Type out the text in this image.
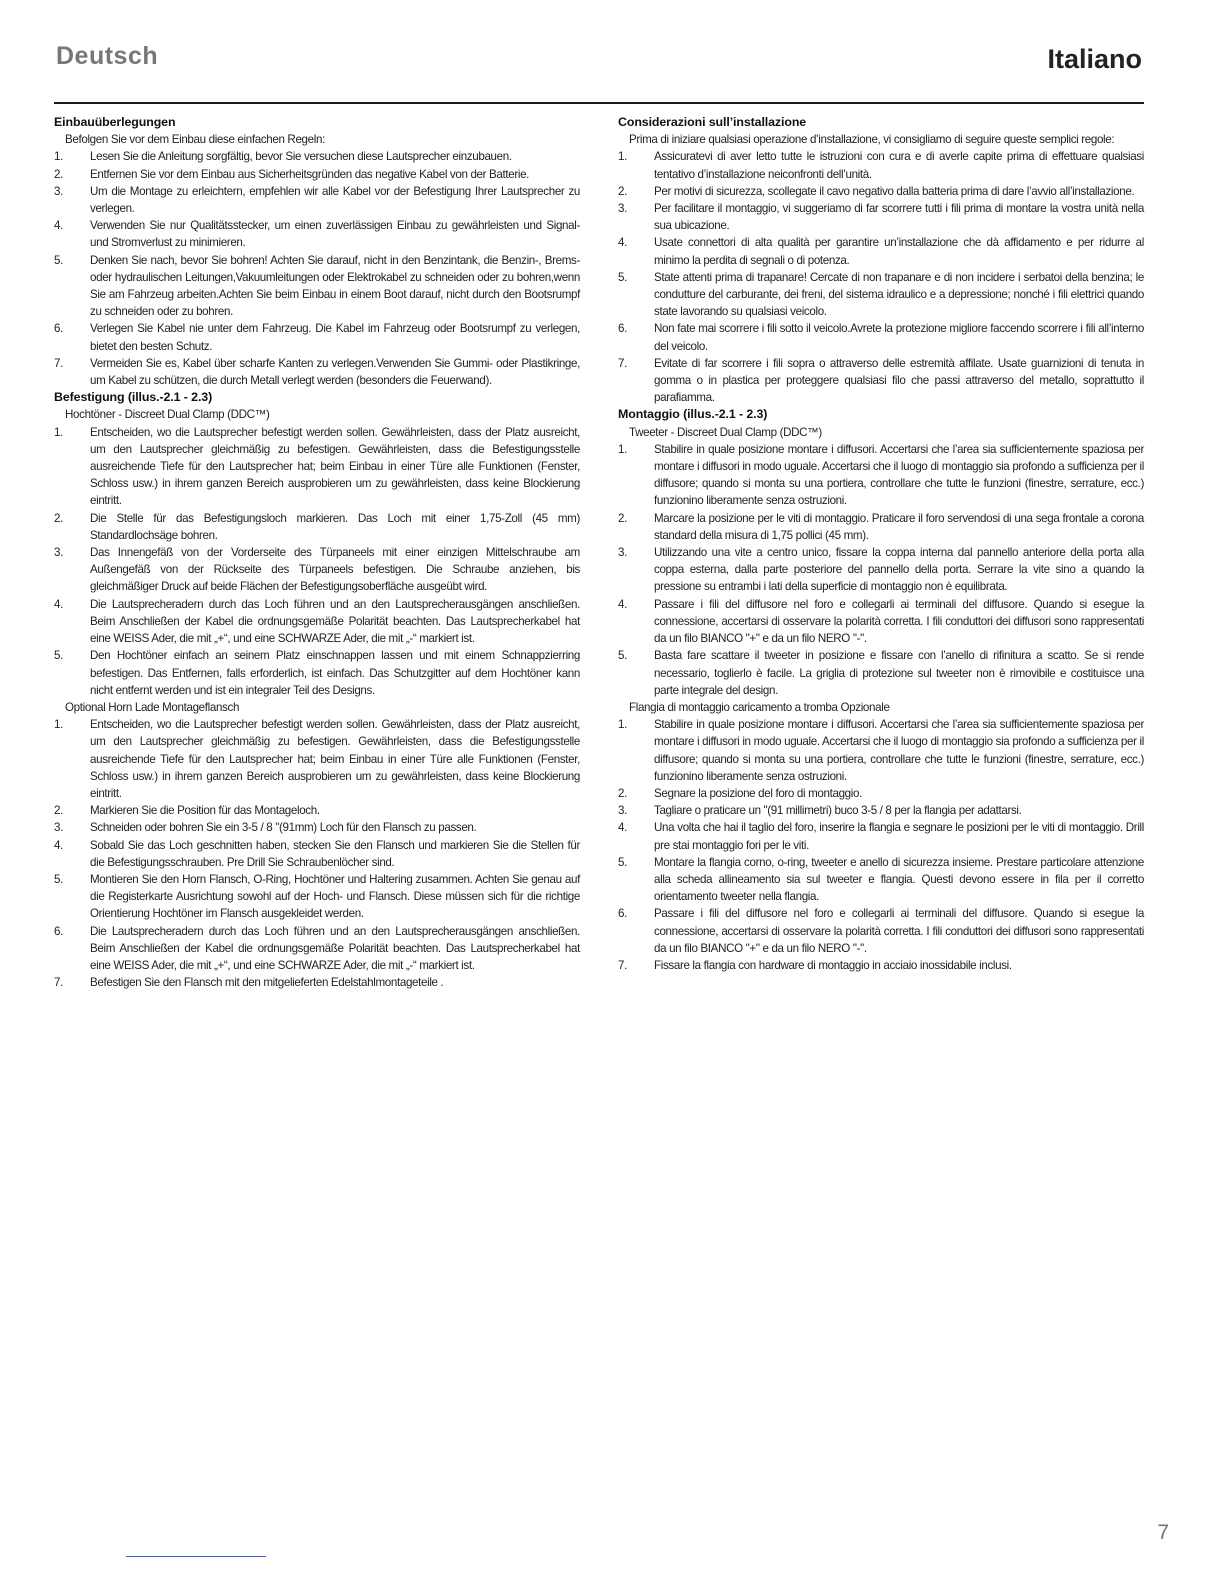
Deutsch	Italiano
Einbauüberlegungen
Befolgen Sie vor dem Einbau diese einfachen Regeln:
1.	Lesen Sie die Anleitung sorgfältig, bevor Sie versuchen diese Lautsprecher einzubauen.
2.	Entfernen Sie vor dem Einbau aus Sicherheitsgründen das negative Kabel von der Batterie.
3.	Um die Montage zu erleichtern, empfehlen wir alle Kabel vor der Befestigung Ihrer Lautsprecher zu verlegen.
4.	Verwenden Sie nur Qualitätsstecker, um einen zuverlässigen Einbau zu gewährleisten und Signal- und Stromverlust zu minimieren.
5.	Denken Sie nach, bevor Sie bohren! Achten Sie darauf, nicht in den Benzintank, die Benzin-, Brems- oder hydraulischen Leitungen,Vakuumleitungen oder Elektrokabel zu schneiden oder zu bohren,wenn Sie am Fahrzeug arbeiten.Achten Sie beim Einbau in einem Boot darauf, nicht durch den Bootsrumpf zu schneiden oder zu bohren.
6.	Verlegen Sie Kabel nie unter dem Fahrzeug. Die Kabel im Fahrzeug oder Bootsrumpf zu verlegen, bietet den besten Schutz.
7.	Vermeiden Sie es, Kabel über scharfe Kanten zu verlegen.Verwenden Sie Gummi- oder Plastikringe, um Kabel zu schützen, die durch Metall verlegt werden (besonders die Feuerwand).
Befestigung (illus.-2.1 - 2.3)
Hochtöner - Discreet Dual Clamp (DDC™)
1.	Entscheiden, wo die Lautsprecher befestigt werden sollen. Gewährleisten, dass der Platz ausreicht, um den Lautsprecher gleichmäßig zu befestigen. Gewährleisten, dass die Befestigungsstelle ausreichende Tiefe für den Lautsprecher hat; beim Einbau in einer Türe alle Funktionen (Fenster, Schloss usw.) in ihrem ganzen Bereich ausprobieren um zu gewährleisten, dass keine Blockierung eintritt.
2.	Die Stelle für das Befestigungsloch markieren. Das Loch mit einer 1,75-Zoll (45 mm) Standardlochsäge bohren.
3.	Das Innengefäß von der Vorderseite des Türpaneels mit einer einzigen Mittelschraube am Außengefäß von der Rückseite des Türpaneels befestigen. Die Schraube anziehen, bis gleichmäßiger Druck auf beide Flächen der Befestigungsoberfläche ausgeübt wird.
4.	Die Lautsprecheradern durch das Loch führen und an den Lautsprecherausgängen anschließen. Beim Anschließen der Kabel die ordnungsgemäße Polarität beachten. Das Lautsprecherkabel hat eine WEISS Ader, die mit „+“, und eine SCHWARZE Ader, die mit „-“ markiert ist.
5.	Den Hochtöner einfach an seinem Platz einschnappen lassen und mit einem Schnappzierring befestigen. Das Entfernen, falls erforderlich, ist einfach. Das Schutzgitter auf dem Hochtöner kann nicht entfernt werden und ist ein integraler Teil des Designs.
Optional Horn Lade Montageflansch
1.	Entscheiden, wo die Lautsprecher befestigt werden sollen. Gewährleisten, dass der Platz ausreicht, um den Lautsprecher gleichmäßig zu befestigen. Gewährleisten, dass die Befestigungsstelle ausreichende Tiefe für den Lautsprecher hat; beim Einbau in einer Türe alle Funktionen (Fenster, Schloss usw.) in ihrem ganzen Bereich ausprobieren um zu gewährleisten, dass keine Blockierung eintritt.
2.	Markieren Sie die Position für das Montageloch.
3.	Schneiden oder bohren Sie ein 3-5 / 8 "(91mm) Loch für den Flansch zu passen.
4.	Sobald Sie das Loch geschnitten haben, stecken Sie den Flansch und markieren Sie die Stellen für die Befestigungsschrauben. Pre Drill Sie Schraubenlöcher sind.
5.	Montieren Sie den Horn Flansch, O-Ring, Hochtöner und Haltering zusammen. Achten Sie genau auf die Registerkarte Ausrichtung sowohl auf der Hoch- und Flansch. Diese müssen sich für die richtige Orientierung Hochtöner im Flansch ausgekleidet werden.
6.	Die Lautsprecheradern durch das Loch führen und an den Lautsprecherausgängen anschließen. Beim Anschließen der Kabel die ordnungsgemäße Polarität beachten. Das Lautsprecherkabel hat eine WEISS Ader, die mit „+“, und eine SCHWARZE Ader, die mit „-“ markiert ist.
7.	Befestigen Sie den Flansch mit den mitgelieferten Edelstahlmontageteile .
Considerazioni sull’installazione
Prima di iniziare qualsiasi operazione d’installazione, vi consigliamo di seguire queste semplici regole:
1.	Assicuratevi di aver letto tutte le istruzioni con cura e di averle capite prima di effettuare qualsiasi tentativo d’installazione neiconfronti dell’unità.
2.	Per motivi di sicurezza, scollegate il cavo negativo dalla batteria prima di dare l’avvio all’installazione.
3.	Per facilitare il montaggio, vi suggeriamo di far scorrere tutti i fili prima di montare la vostra unità nella sua ubicazione.
4.	Usate connettori di alta qualità per garantire un’installazione che dà affidamento e per ridurre al minimo la perdita di segnali o di potenza.
5.	State attenti prima di trapanare! Cercate di non trapanare e di non incidere i serbatoi della benzina; le condutture del carburante, dei freni, del sistema idraulico e a depressione; nonché i fili elettrici quando state lavorando su qualsiasi veicolo.
6.	Non fate mai scorrere i fili sotto il veicolo.Avrete la protezione migliore faccendo scorrere i fili all’interno del veicolo.
7.	Evitate di far scorrere i fili sopra o attraverso delle estremità affilate. Usate guarnizioni di tenuta in gomma o in plastica per proteggere qualsiasi filo che passi attraverso del metallo, soprattutto il parafiamma.
Montaggio (illus.-2.1 - 2.3)
Tweeter - Discreet Dual Clamp (DDC™)
1.	Stabilire in quale posizione montare i diffusori. Accertarsi che l’area sia sufficientemente spaziosa per montare i diffusori in modo uguale. Accertarsi che il luogo di montaggio sia profondo a sufficienza per il diffusore; quando si monta su una portiera, controllare che tutte le funzioni (finestre, serrature, ecc.) funzionino liberamente senza ostruzioni.
2.	Marcare la posizione per le viti di montaggio. Praticare il foro servendosi di una sega frontale a corona standard della misura di 1,75 pollici (45 mm).
3.	Utilizzando una vite a centro unico, fissare la coppa interna dal pannello anteriore della porta alla coppa esterna, dalla parte posteriore del pannello della porta. Serrare la vite sino a quando la pressione su entrambi i lati della superficie di montaggio non è equilibrata.
4.	Passare i fili del diffusore nel foro e collegarli ai terminali del diffusore. Quando si esegue la connessione, accertarsi di osservare la polarità corretta. I fili conduttori dei diffusori sono rappresentati da un filo BIANCO "+" e da un filo NERO "-".
5.	Basta fare scattare il tweeter in posizione e fissare con l’anello di rifinitura a scatto. Se si rende necessario, toglierlo è facile. La griglia di protezione sul tweeter non è rimovibile e costituisce una parte integrale del design.
Flangia di montaggio caricamento a tromba Opzionale
1.	Stabilire in quale posizione montare i diffusori. Accertarsi che l’area sia sufficientemente spaziosa per montare i diffusori in modo uguale. Accertarsi che il luogo di montaggio sia profondo a sufficienza per il diffusore; quando si monta su una portiera, controllare che tutte le funzioni (finestre, serrature, ecc.) funzionino liberamente senza ostruzioni.
2.	Segnare la posizione del foro di montaggio.
3.	Tagliare o praticare un "(91 millimetri) buco 3-5 / 8 per la flangia per adattarsi.
4.	Una volta che hai il taglio del foro, inserire la flangia e segnare le posizioni per le viti di montaggio. Drill pre stai montaggio fori per le viti.
5.	Montare la flangia corno, o-ring, tweeter e anello di sicurezza insieme. Prestare particolare attenzione alla scheda allineamento sia sul tweeter e flangia. Questi devono essere in fila per il corretto orientamento tweeter nella flangia.
6.	Passare i fili del diffusore nel foro e collegarli ai terminali del diffusore. Quando si esegue la connessione, accertarsi di osservare la polarità corretta. I fili conduttori dei diffusori sono rappresentati da un filo BIANCO "+" e da un filo NERO "-".
7.	Fissare la flangia con hardware di montaggio in acciaio inossidabile inclusi.
7
